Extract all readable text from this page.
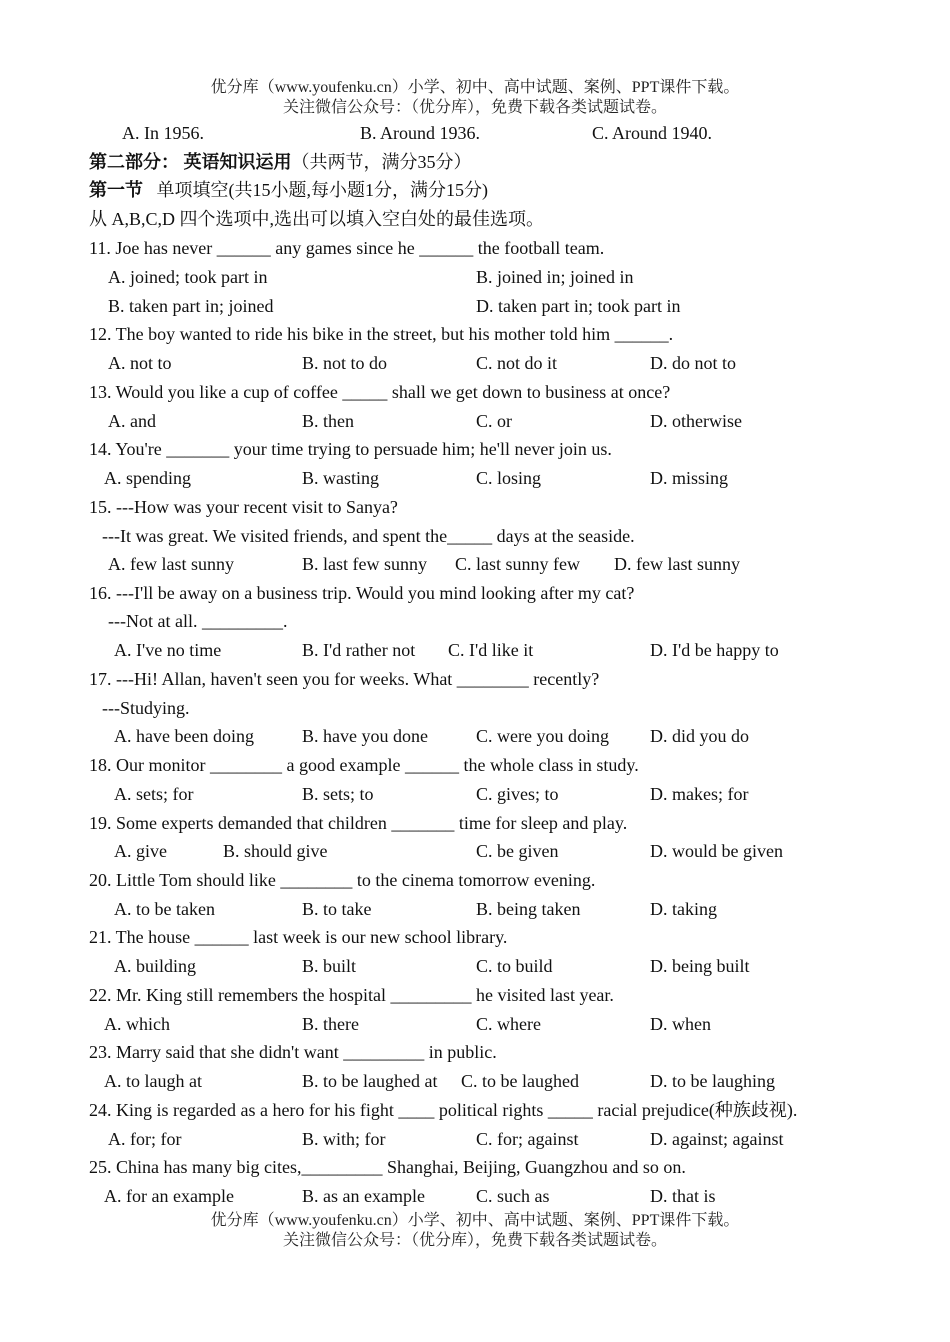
优分库（www.youfenku.cn）小学、初中、高中试题、案例、PPT课件下载。
关注微信公众号：（优分库），免费下载各类试题试卷。
A. In 1956.	B. Around 1936.	C. Around 1940.
第二部分： 英语知识运用（共两节，满分35分）
第一节 单项填空(共15小题,每小题1分，满分15分)
从 A,B,C,D 四个选项中,选出可以填入空白处的最佳选项。
11. Joe has never ______ any games since he ______ the football team.
A. joined; took part in	B. joined in; joined in
B. taken part in; joined	D. taken part in; took part in
12. The boy wanted to ride his bike in the street, but his mother told him ______.
A. not to	B. not to do	C. not do it	D. do not to
13. Would you like a cup of coffee _____ shall we get down to business at once?
A. and	B. then	C. or	D. otherwise
14. You're _______ your time trying to persuade him; he'll never join us.
A. spending	B. wasting	C. losing	D. missing
15. ---How was your recent visit to Sanya?
---It was great. We visited friends, and spent the_____ days at the seaside.
A. few last sunny	B. last few sunny C. last sunny few D. few last sunny
16. ---I'll be away on a business trip. Would you mind looking after my cat?
---Not at all. _________.
A. I've no time	B. I'd rather not C. I'd like it	D. I'd be happy to
17. ---Hi! Allan, haven't seen you for weeks. What ________ recently?
---Studying.
A. have been doing	B. have you done	C. were you doing D. did you do
18. Our monitor ________ a good example ______ the whole class in study.
A. sets; for	B. sets; to	C. gives; to	D. makes; for
19. Some experts demanded that children _______ time for sleep and play.
A. give	B. should give	C. be given	D. would be given
20. Little Tom should like ________ to the cinema tomorrow evening.
A. to be taken	B. to take	B. being taken	D. taking
21. The house ______ last week is our new school library.
A. building	B. built	C. to build	D. being built
22. Mr. King still remembers the hospital _________ he visited last year.
A. which	B. there	C. where	D. when
23. Marry said that she didn't want _________ in public.
A. to laugh at	B. to be laughed at C. to be laughed	D. to be laughing
24. King is regarded as a hero for his fight ____ political rights _____ racial prejudice(种族歧视).
A. for; for	B. with; for	C. for; against	D. against; against
25. China has many big cites,_________ Shanghai, Beijing, Guangzhou and so on.
A. for an example	B. as an example	C. such as	D. that is
优分库（www.youfenku.cn）小学、初中、高中试题、案例、PPT课件下载。
关注微信公众号：（优分库），免费下载各类试题试卷。
